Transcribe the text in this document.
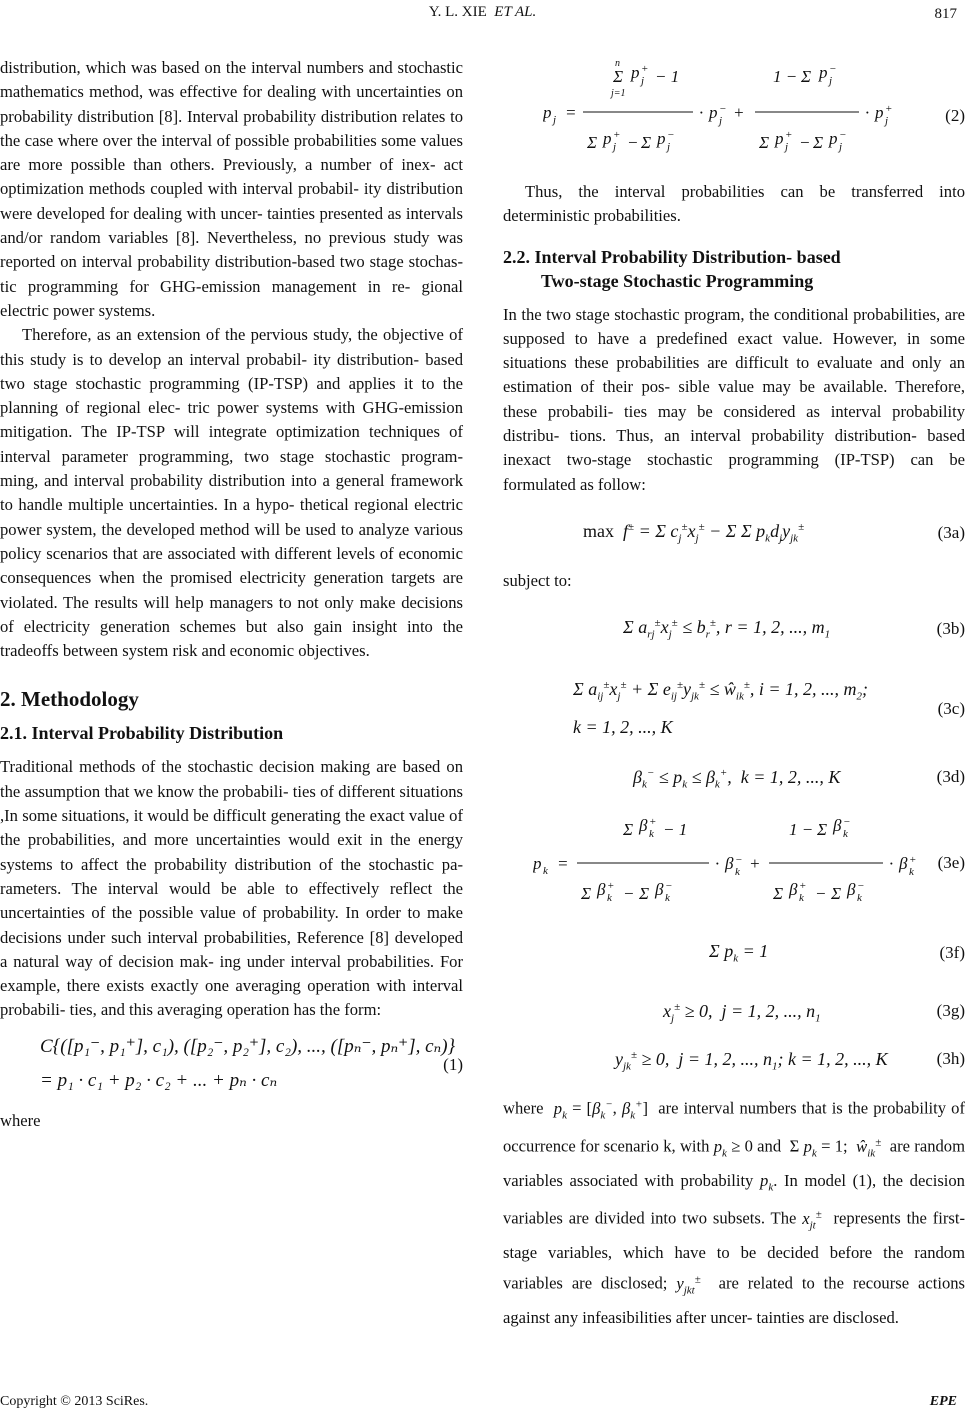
Y. L. XIE ET AL.	817

distribution, which was based on the interval numbers and stochastic mathematics method, was effective for dealing with uncertainties on probability distribution [8]. Interval probability distribution relates to the case where over the interval of possible probabilities some values are more possible than others. Previously, a number of inex- act optimization methods coupled with interval probabil- ity distribution were developed for dealing with uncer- tainties presented as intervals and/or random variables [8]. Nevertheless, no previous study was reported on interval probability distribution-based two stage stochas- tic programming for GHG-emission management in re- gional electric power systems.

Therefore, as an extension of the pervious study, the objective of this study is to develop an interval probabil- ity distribution- based two stage stochastic programming (IP-TSP) and applies it to the planning of regional elec- tric power systems with GHG-emission mitigation. The IP-TSP will integrate optimization techniques of interval parameter programming, two stage stochastic program- ming, and interval probability distribution into a general framework to handle multiple uncertainties. In a hypo- thetical regional electric power system, the developed method will be used to analyze various policy scenarios that are associated with different levels of economic consequences when the promised electricity generation targets are violated. The results will help managers to not only make decisions of electricity generation schemes but also gain insight into the tradeoffs between system risk and economic objectives.

2. Methodology
2.1. Interval Probability Distribution

Traditional methods of the stochastic decision making are based on the assumption that we know the probabili- ties of different situations ,In some situations, it would be difficult generating the exact value of the probabilities, and more uncertainties would exit in the energy systems to affect the probability distribution of the stochastic pa- rameters. The interval would be able to effectively reflect the uncertainties of the possible value of probability. In order to make decisions under such interval probabilities, Reference [8] developed a natural way of decision mak- ing under interval probabilities. For example, there exists exactly one averaging operation with interval probabili- ties, and this averaging operation has the form:

C{([p₁⁻, p₁⁺], c₁), ([p₂⁻, p₂⁺], c₂), ..., ([pₙ⁻, pₙ⁺], cₙ)}
= p₁ · c₁ + p₂ · c₂ + ... + pₙ · cₙ
(1)

where

p j =
Σ p +
j − 1
n
j=1
Σ p +
j − Σ p −
j
· p −
j +
1 − Σ p −
j
Σ p +
j − Σ p −
j
· p +
j	(2)

Thus, the interval probabilities can be transferred into deterministic probabilities.

2.2. Interval Probability Distribution- based
Two-stage Stochastic Programming

In the two stage stochastic program, the conditional probabilities, are supposed to have a predefined exact value. However, in some situations these probabilities are difficult to evaluate and only an estimation of their pos- sible value may be available. Therefore, these probabili- ties may be considered as interval probability distribu- tions. Thus, an interval probability distribution- based inexact two-stage stochastic programming (IP-TSP) can be formulated as follow:

max  f± = Σ $c_j^\pm x_j^\pm - \Sigma$ Σ $p_kd_jy_{jk}^\pm$	(3a)

subject to:

Σ $a_{rj}^\pm x_j^\pm \le b_r^\pm$, r = 1, 2, ..., $m_1$	(3b)
Σ $a_{ij}^\pm x_j^\pm + \Sigma$ $e_{ij}^\pm y_{jk}^\pm$ ≤ $ŵ_{ik}^\pm$, i = 1, 2, ..., $m_2$;
k = 1, 2, ..., K
(3c)
$\beta_k^- \le p_k \le \beta_k^+$,  k = 1, 2, ..., K	(3d)
p k =
Σ β +
k − 1
Σ β +
k − Σ β −
k
· β −
k +
1 − Σ β −
k
Σ β +
k − Σ β −
k
· β +
k (3e)
Σ $p_k = 1$	(3f)
$x_j^\pm \ge 0$,  j = 1, 2, ..., $n_1$	(3g)
$y_{jk}^\pm \ge 0$,  j = 1, 2, ..., $n_1$; k = 1, 2, ..., K	(3h)

where $p_k = [\beta_k^-$, $\beta_k^+$]  are interval numbers that is the probability of occurrence for scenario k, with $p_k \ge 0$ and  Σ $p_k = 1$;  $ŵ_{ik}^\pm$ are random variables associated with probability $p_k$. In model (1), the decision variables are divided into two subsets. The $x_{jt}^\pm$ represents the first-stage variables, which have to be decided before the random variables are disclosed; $y_{jkt}^\pm$ are related to the recourse actions against any infeasibilities after uncer- tainties are disclosed.

Copyright © 2013 SciRes.	EPE
